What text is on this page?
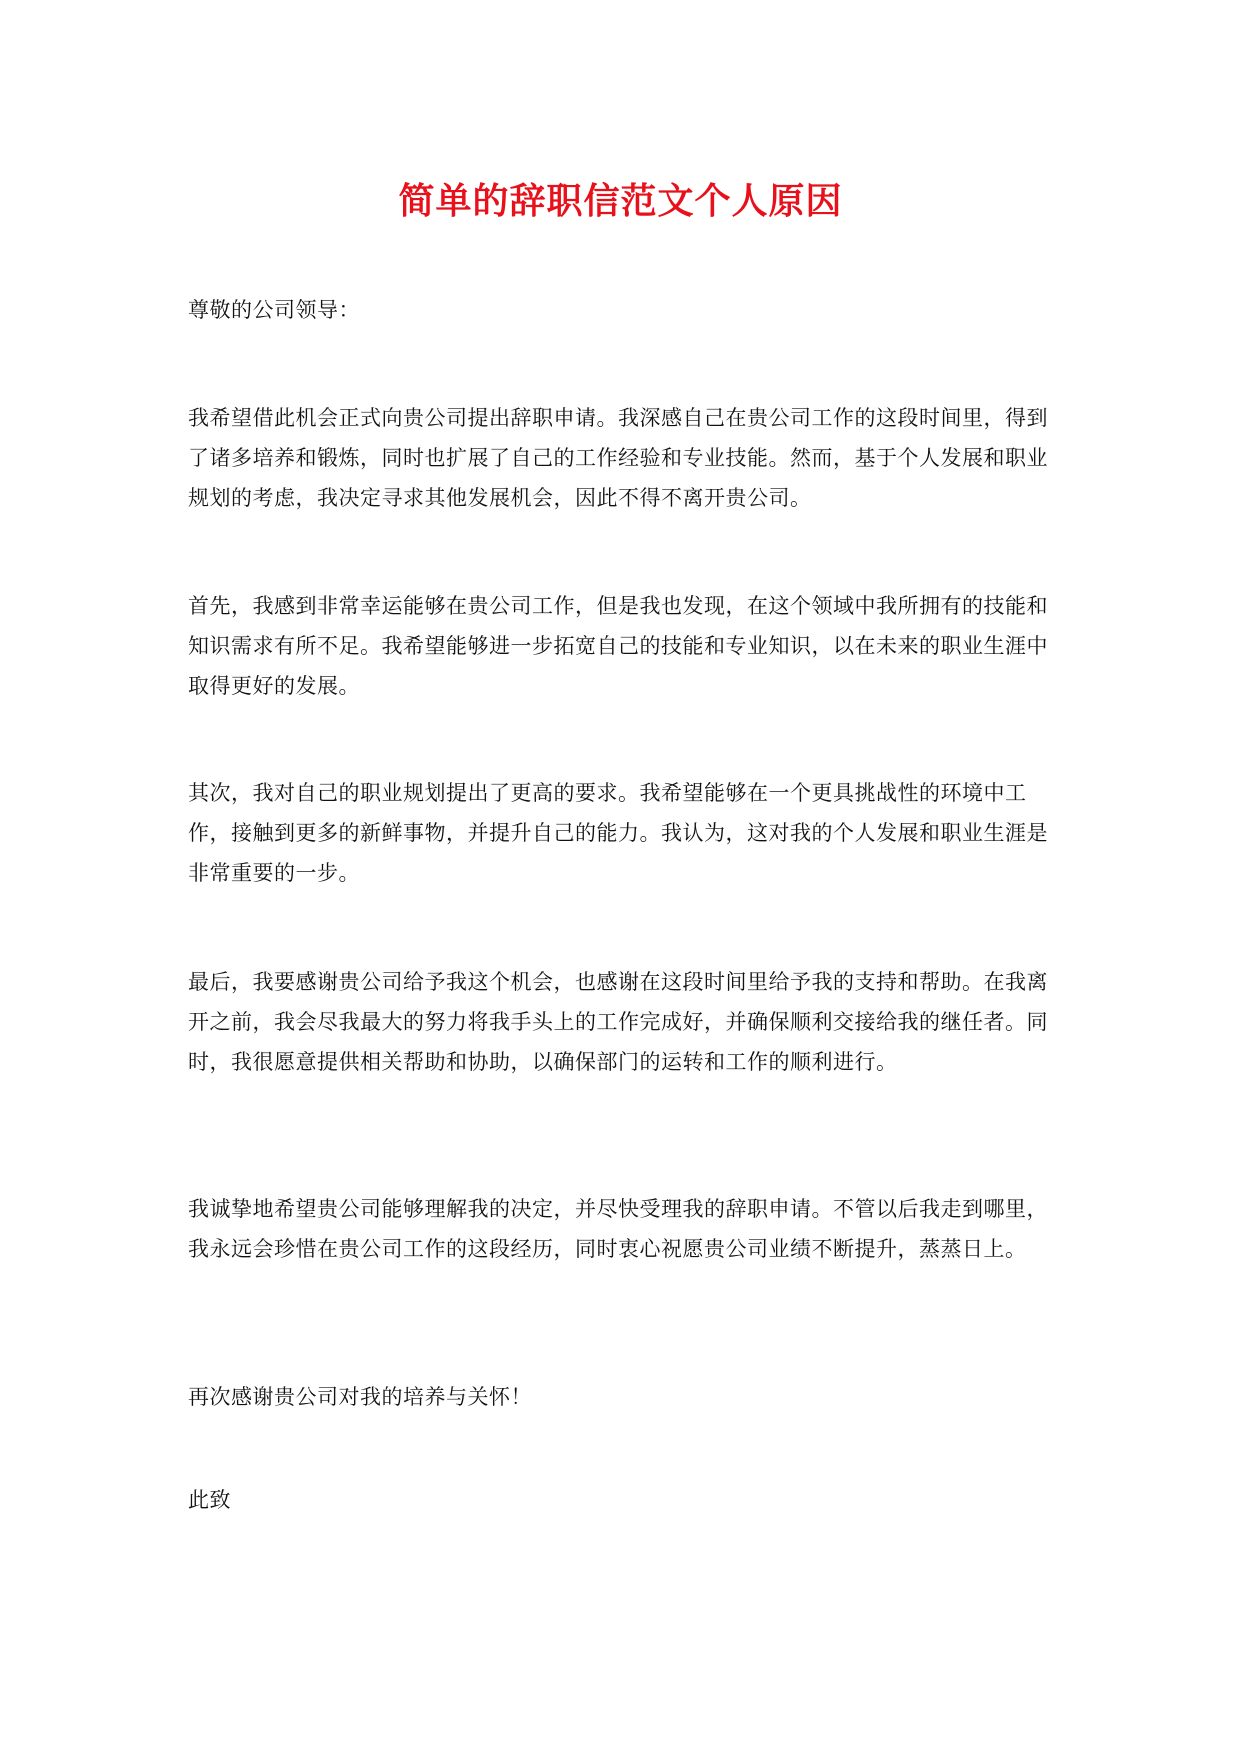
简单的辞职信范文个人原因

尊敬的公司领导：

我希望借此机会正式向贵公司提出辞职申请。我深感自己在贵公司工作的这段时间里，得到了诸多培养和锻炼，同时也扩展了自己的工作经验和专业技能。然而，基于个人发展和职业规划的考虑，我决定寻求其他发展机会，因此不得不离开贵公司。

首先，我感到非常幸运能够在贵公司工作，但是我也发现，在这个领域中我所拥有的技能和知识需求有所不足。我希望能够进一步拓宽自己的技能和专业知识，以在未来的职业生涯中取得更好的发展。

其次，我对自己的职业规划提出了更高的要求。我希望能够在一个更具挑战性的环境中工作，接触到更多的新鲜事物，并提升自己的能力。我认为，这对我的个人发展和职业生涯是非常重要的一步。

最后，我要感谢贵公司给予我这个机会，也感谢在这段时间里给予我的支持和帮助。在我离开之前，我会尽我最大的努力将我手头上的工作完成好，并确保顺利交接给我的继任者。同时，我很愿意提供相关帮助和协助，以确保部门的运转和工作的顺利进行。

我诚挚地希望贵公司能够理解我的决定，并尽快受理我的辞职申请。不管以后我走到哪里，我永远会珍惜在贵公司工作的这段经历，同时衷心祝愿贵公司业绩不断提升，蒸蒸日上。

再次感谢贵公司对我的培养与关怀！

此致
